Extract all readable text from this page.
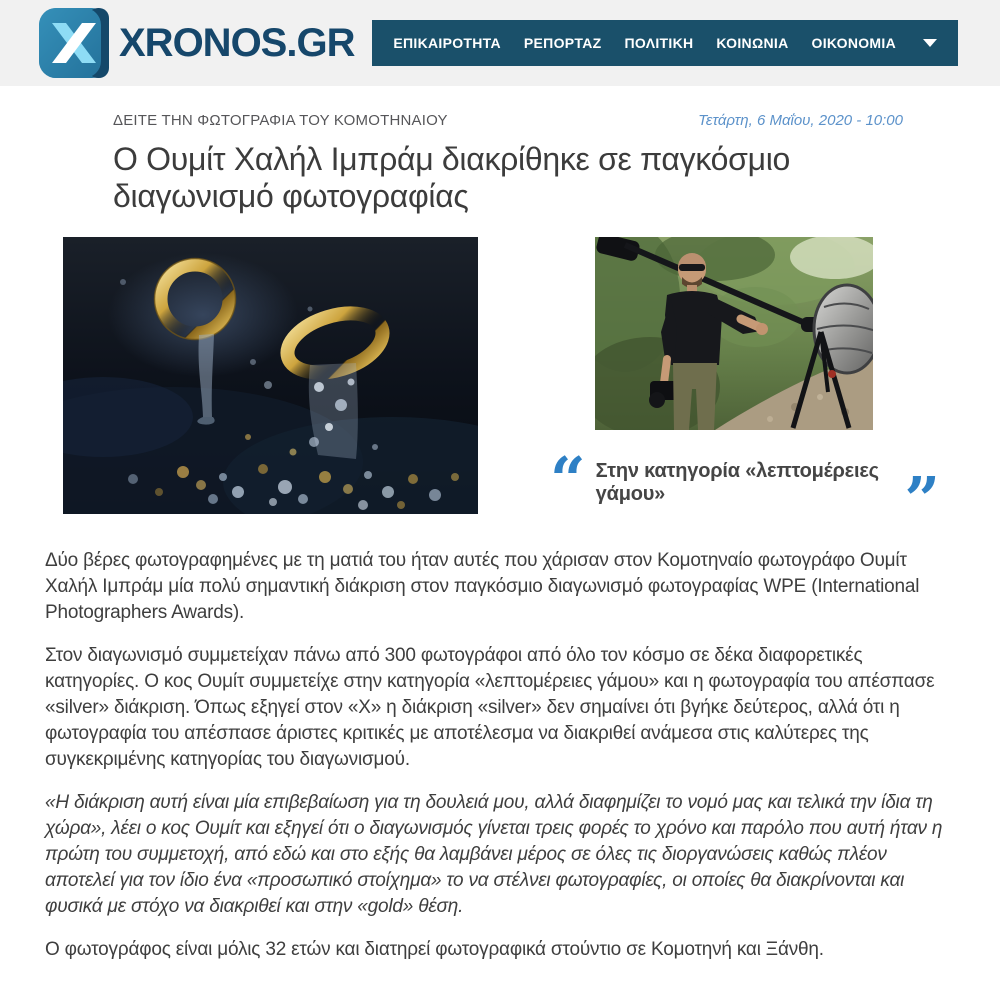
XRONOS.GR	ΕΠΙΚΑΙΡΟΤΗΤΑ ΡΕΠΟΡΤΑΖ ΠΟΛΙΤΙΚΗ ΚΟΙΝΩΝΙΑ ΟΙΚΟΝΟΜΙΑ
ΔΕΙΤΕ ΤΗΝ ΦΩΤΟΓΡΑΦΙΑ ΤΟΥ ΚΟΜΟΤΗΝΑΙΟΥ	Τετάρτη, 6 Μαΐου, 2020 - 10:00
Ο Ουμίτ Χαλήλ Ιμπράμ διακρίθηκε σε παγκόσμιο διαγωνισμό φωτογραφίας
“ Στην κατηγορία «λεπτομέρειες γάμου»	”

Δύο βέρες φωτογραφημένες με τη ματιά του ήταν αυτές που χάρισαν στον Κομοτηναίο φωτογράφο Ουμίτ Χαλήλ Ιμπράμ μία πολύ σημαντική διάκριση στον παγκόσμιο διαγωνισμό φωτογραφίας WPE (International Photographers Awards).

Στον διαγωνισμό συμμετείχαν πάνω από 300 φωτογράφοι από όλο τον κόσμο σε δέκα διαφορετικές κατηγορίες. Ο κος Ουμίτ συμμετείχε στην κατηγορία «λεπτομέρειες γάμου» και η φωτογραφία του απέσπασε «silver» διάκριση. Όπως εξηγεί στον «Χ» η διάκριση «silver» δεν σημαίνει ότι βγήκε δεύτερος, αλλά ότι η φωτογραφία του απέσπασε άριστες κριτικές με αποτέλεσμα να διακριθεί ανάμεσα στις καλύτερες της συγκεκριμένης κατηγορίας του διαγωνισμού.

«Η διάκριση αυτή είναι μία επιβεβαίωση για τη δουλειά μου, αλλά διαφημίζει το νομό μας και τελικά την ίδια τη χώρα», λέει ο κος Ουμίτ και εξηγεί ότι ο διαγωνισμός γίνεται τρεις φορές το χρόνο και παρόλο που αυτή ήταν η πρώτη του συμμετοχή, από εδώ και στο εξής θα λαμβάνει μέρος σε όλες τις διοργανώσεις καθώς πλέον αποτελεί για τον ίδιο ένα «προσωπικό στοίχημα» το να στέλνει φωτογραφίες, οι οποίες θα διακρίνονται και φυσικά με στόχο να διακριθεί και στην «gold» θέση.

Ο φωτογράφος είναι μόλις 32 ετών και διατηρεί φωτογραφικά στούντιο σε Κομοτηνή και Ξάνθη.
